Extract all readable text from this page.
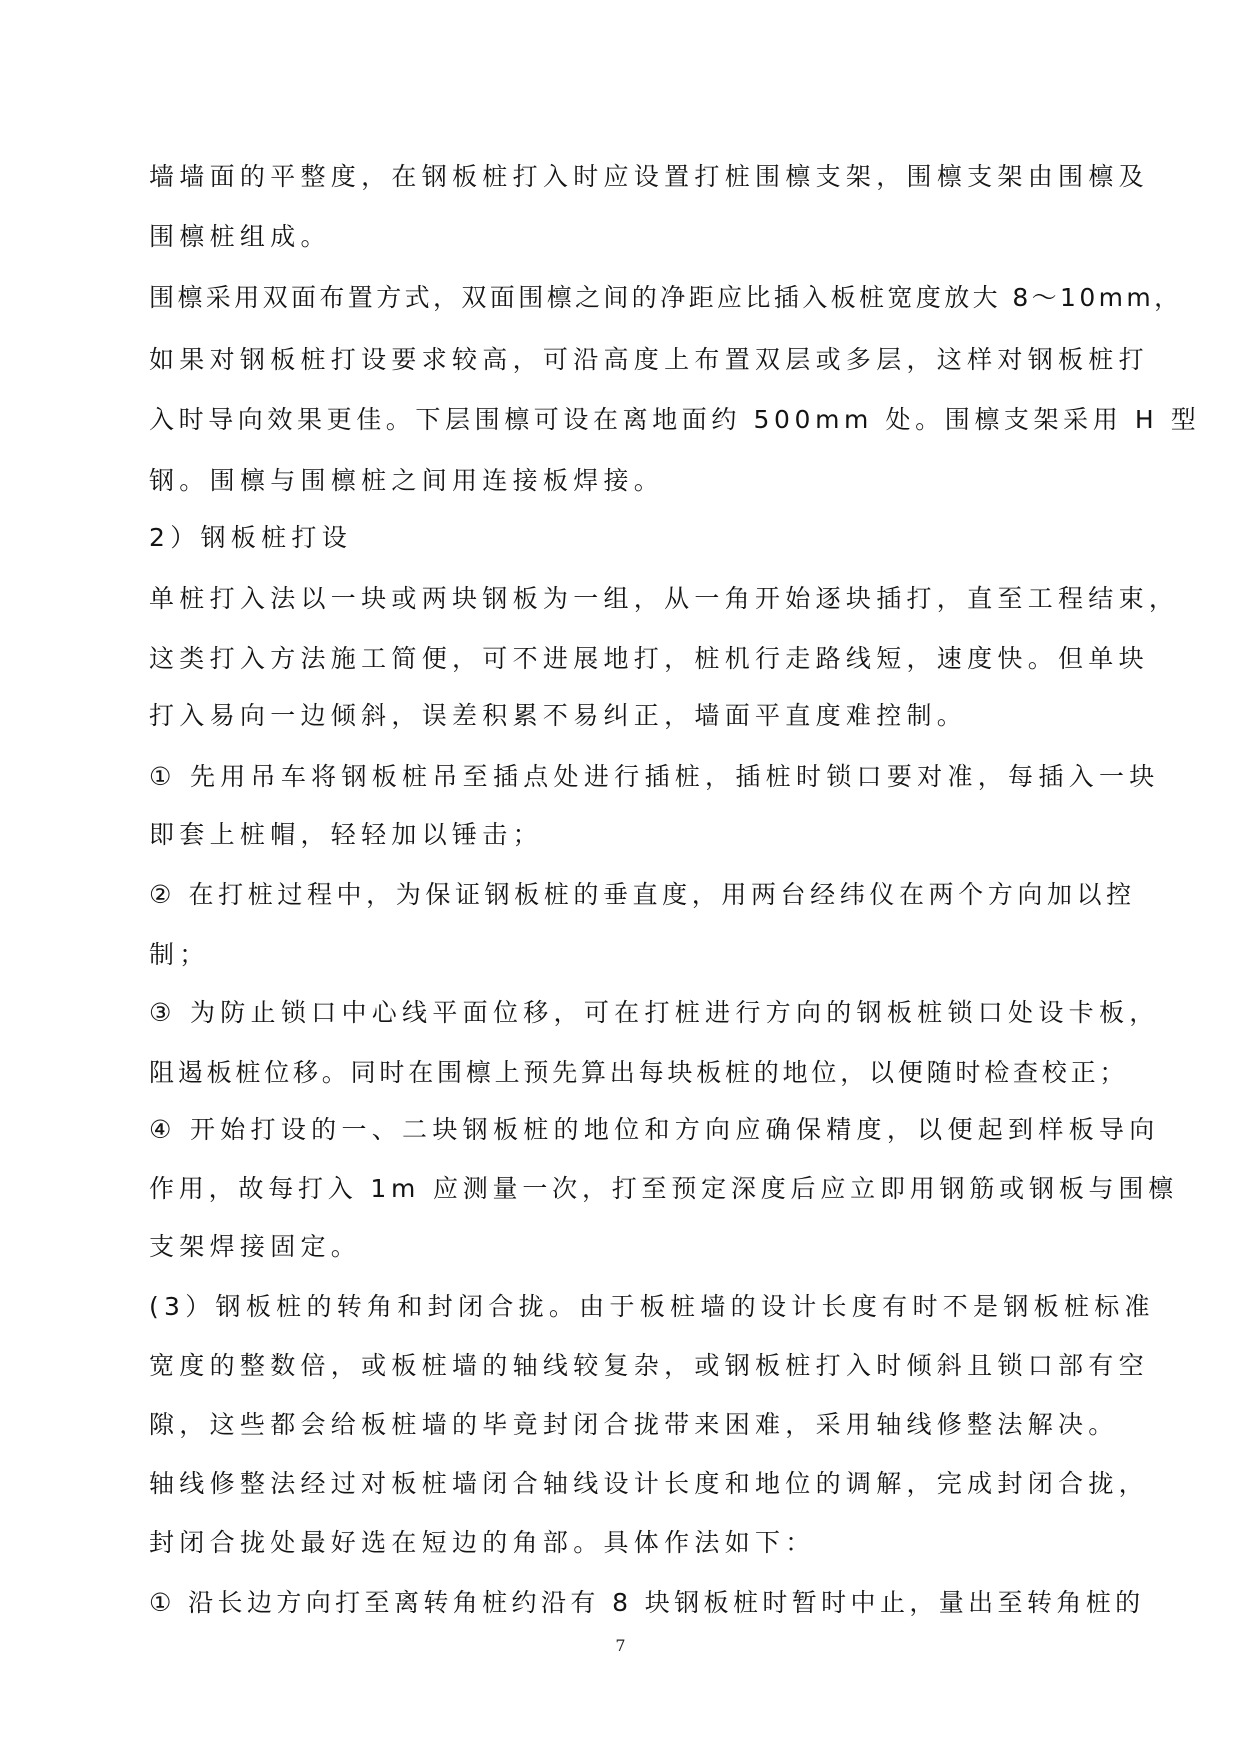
墙墙面的平整度，在钢板桩打入时应设置打桩围檩支架，围檩支架由围檩及
围檩桩组成。
围檩采用双面布置方式，双面围檩之间的净距应比插入板桩宽度放大 8～10mm，
如果对钢板桩打设要求较高，可沿高度上布置双层或多层，这样对钢板桩打
入时导向效果更佳。下层围檩可设在离地面约 500mm 处。围檩支架采用 H 型
钢。围檩与围檩桩之间用连接板焊接。
2）钢板桩打设
单桩打入法以一块或两块钢板为一组，从一角开始逐块插打，直至工程结束，
这类打入方法施工简便，可不进展地打，桩机行走路线短，速度快。但单块
打入易向一边倾斜，误差积累不易纠正，墙面平直度难控制。
① 先用吊车将钢板桩吊至插点处进行插桩，插桩时锁口要对准，每插入一块
即套上桩帽，轻轻加以锤击；
② 在打桩过程中，为保证钢板桩的垂直度，用两台经纬仪在两个方向加以控
制；
③ 为防止锁口中心线平面位移，可在打桩进行方向的钢板桩锁口处设卡板，
阻遏板桩位移。同时在围檩上预先算出每块板桩的地位，以便随时检查校正；
④ 开始打设的一、二块钢板桩的地位和方向应确保精度，以便起到样板导向
作用，故每打入 1m 应测量一次，打至预定深度后应立即用钢筋或钢板与围檩
支架焊接固定。
(3）钢板桩的转角和封闭合拢。由于板桩墙的设计长度有时不是钢板桩标准
宽度的整数倍，或板桩墙的轴线较复杂，或钢板桩打入时倾斜且锁口部有空
隙，这些都会给板桩墙的毕竟封闭合拢带来困难，采用轴线修整法解决。
轴线修整法经过对板桩墙闭合轴线设计长度和地位的调解，完成封闭合拢，
封闭合拢处最好选在短边的角部。具体作法如下：
① 沿长边方向打至离转角桩约沿有 8 块钢板桩时暂时中止，量出至转角桩的
7
